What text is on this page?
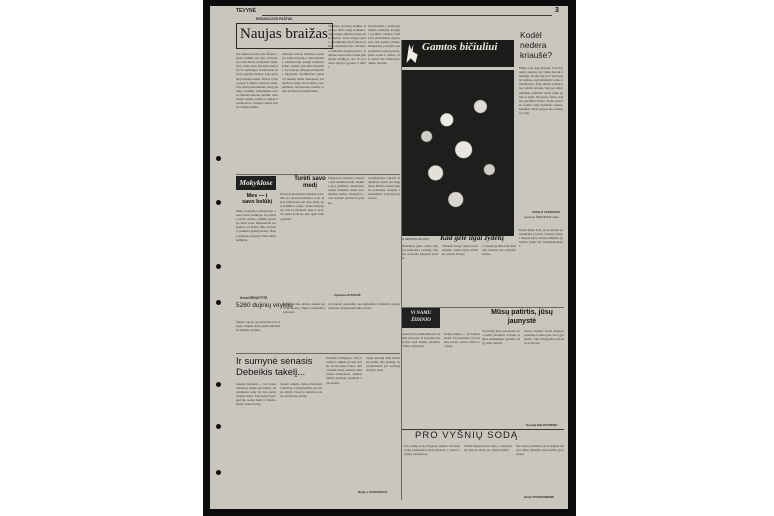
TEVYNĖ	3
REDAKCIJOS PAŠTAS
Naujas braižas
Per tuksiai pavarta 432 Šiaurės rajono kolūkie jau tapo tradicija, kad visi darbai pradedami laiku. Savo darbą mes dirbame kruopščiai ir sąžiningai. Kiekvienais metais pagerėja derlius, auga gyvulių produktyvumas. Darbai vyksta pagal iš anksto sudarytą planą. Prie darbų pritraukiama daug jaunimo. Kolūkio pirmininkas nuolat rūpinasi žmonių buitimi, stato naujus namus, kultūros namus ir parduotuves. Naujas braižas matyti visame kaime.
Pastarais metais kolūkyje pastatyta nauja mokykla, vaikų darželis, ambulatorija. Įrengti asfaltuoti keliai, kiemai apsodinti medžiais. Gyventojai džiaugiasi naujomis sąlygomis. Kolūkiečiai gauna vis didesnį darbo užmokestį. Daugelis jų įsigijo motociklus, automobilius, televizorius. Kaimo veidas keičiasi neatpažįstamai.
Šių metų pavasarį kolūkio laukuose dirbo daug technikos. Sėja baigta anksčiau negu kitais metais. Javai sudygo gerai. Gyvulininkystės fermose įdiegta mechanizacija. Melžėjos primelžia daugiau pieno. Jaunimas noriai lieka dirbti gimtajame kolūkyje, nes čia yra visos sąlygos gyventi ir dirbti.
Atsakydama į skaitytojų laiškus redakcija kreipėsi į kolūkio valdybą. Valdybos pirmininkas papasakojo apie ateities planus. Numatoma pastatyti naują kultūros namų pastatą, plėsti sodus ir daržus. Visi darbai bus atliekami kolūkio lėšomis.
Gamtos bičiuliui
S.SENKUS NUOTR.
Kodėl nedera kriaušė?
Mūsų sode auga kriaušė. Ji žydi kasmet gausiai, bet vaisių beveik neužauga. Kodėl taip yra? Specialistai aiškina, kad kriaušėms reikia apdulkintojų. Šalia būtina sodinti kitos veislės kriaušę. Taip pat reikia tinkamai prižiūrėti medį, laiku genėti ir tręšti. Pavasario šalnos dažnai pažeidžia žiedus. Todėl patartina sodinti vėlai žydinčias veisles. Medžius reikia saugoti nuo kenkėjų ir ligų.
VASILIJ ZVERAVAK
Lietuvos ŠEGNIAUS sodo
Mokyklose
Mes — į savo kolūkį
Mūsų mokyklos moksleiviai vasarą dirba kolūkyje. Jie padeda ravėti daržus, prižiūri gyvulius, dirba sode. Moksleiviai susipažįsta su žemės ūkio darbais ir pamilsta gimtąjį kraštą. Baigę mokyklą daugelis lieka dirbti kolūkyje.
Irena KRIVAITYTĖ
Turėti savo medį
Pavasarį kiekvienas mokinys pasodino po medelį mokyklos sode. Dabar kiekvienas turi savo medį, kurį prižiūri ir saugo. Vaikai džiaugiasi, kad jų medeliai auga ir žydi. Tai puiki tradicija, kuri ugdo meilę gamtai.
Mokytojai pasakoja vaikams apie medžių naudą, mokina juos prižiūrėti. Kiekvieną rudenį mokiniai renka savo medžių vaisius. Mokyklos sodas kasmet plečiasi ir gražėja.
Vytautas KUDLKIS
Sodininkystės būrelis mokykloje veikia jau daug metų. Būrelio nariai augina sodinukus, skiepija vaismedžius, dalyvauja parodose.
Kad gėlė ilgai žydėtų
Nuskintas gėles reikia tuoj pat pamerkti į vandenį. Stiebus patartina nupjauti įstrižai.
Vandenį vazoje reikia keisti kasdien. Gėlės ilgiau išsilaiko vėsioje vietoje.
Į vandenį galima įdėti šiek tiek cukraus arba aspirino tabletę.
Rožės ilgiau žydi, jei jų stiebus panardiname į karštą vandenį. Tulpės mėgsta šaltą vandenį. Bijūnus geriausia skinti dar neišsiskleidusius.
5260 dujinių viryklių
Šiemet rajono gyventojams bus įrengta daugiau kaip penki tūkstančiai dujinių viryklių.
Dujofikavimo darbus atlieka specialus trestas. Dujos pristatomos balionais.
Gyventojai patenkinti, nes dujinėmis viryklėmis patogu naudotis. Sutaupoma laiko ir kuro.
Ir sumynė senasis Debeikis takelį...
Senasis Debeikis — tai vienas seniausių kaimo gyventojų. Jis prisimena, kaip čia buvo prieš daugelį metų. Tada keliai buvo purvini, namai maži ir tamsūs. Dabar viskas kitaip.
Senasis takelis, kuriuo Debeikis vaikščiojo į bažnytkaimį, jau seniai užžėlė. Vietoj jo nutiestas platus asfaltuotas kelias.
Debeikis džiaugiasi, kad jo vaikai ir anūkai gyvena geriau. Jie turi gerus butus, dirba įdomų darbą, mokosi aukštosiose mokyklose. Senolis dažnai pasakoja jaunimui apie praeitį.
Tokių žmonių kaip Debeikis kaime liko nedaug. Jų prisiminimai yra vertinga istorijos dalis.
Rytas LUCKEVIČIUS
Vi NAMU ŽIDINIO
Anksti rytą šeimininkė jau triūsia virtuvėje. Ji paruošia pusryčius visai šeimai, išleidžia vaikus į mokyklą.
Namų židinys — tai šeimos širdis. Čia susirenka visi šeimos nariai, aptaria dienos įvykius.
Mūsų patirtis, jūsų jaunystė
Vyresnioji karta perduoda savo patirtį jaunimui. Ji moko jaunas šeimininkes gaminti valgį, siūti, megzti.
Jaunos mamos noriai klausosi patarimų ir taiko juos savo gyvenime. Taip išsaugomos senosios tradicijos.
Genutė KELIUOTIENĖ
PRO VYŠNIŲ SODĄ
Pro vyšnių sodą vingiuoja takelis. Pavasarį sodas pasipuošia baltais žiedais, o vasarą vyšnios raudonuoja.
Vaikai mėgsta žaisti sode, o suaugusieji ilsisi po darbo po vyšnių šešėliu.
Šis sodas pasodintas prieš daugelį metų ir dabar džiugina visus kaimo gyventojus.
Ginta TVARKONIENĖ
